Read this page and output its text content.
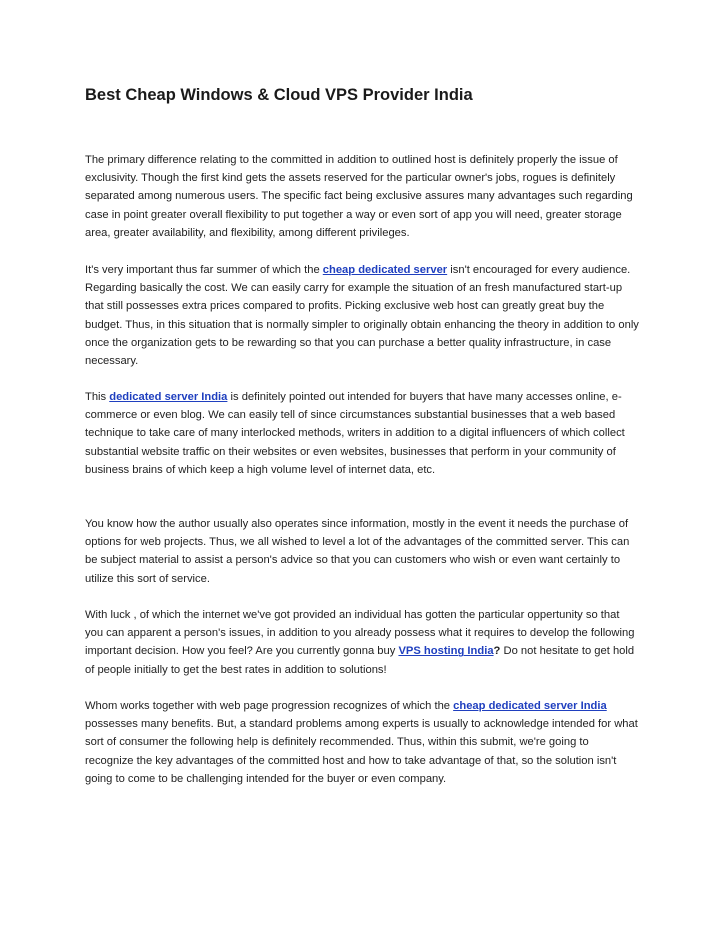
Best Cheap Windows & Cloud VPS Provider India

The primary difference relating to the committed in addition to outlined host is definitely properly the issue of exclusivity. Though the first kind gets the assets reserved for the particular owner's jobs, rogues is definitely separated among numerous users. The specific fact being exclusive assures many advantages such regarding case in point greater overall flexibility to put together a way or even sort of app you will need, greater storage area, greater availability, and flexibility, among different privileges.

It's very important thus far summer of which the cheap dedicated server isn't encouraged for every audience. Regarding basically the cost. We can easily carry for example the situation of an fresh manufactured start-up that still possesses extra prices compared to profits. Picking exclusive web host can greatly great buy the budget. Thus, in this situation that is normally simpler to originally obtain enhancing the theory in addition to only once the organization gets to be rewarding so that you can purchase a better quality infrastructure, in case necessary.

This dedicated server India is definitely pointed out intended for buyers that have many accesses online, e-commerce or even blog. We can easily tell of since circumstances substantial businesses that a web based technique to take care of many interlocked methods, writers in addition to a digital influencers of which collect substantial website traffic on their websites or even websites, businesses that perform in your community of business brains of which keep a high volume level of internet data, etc.

You know how the author usually also operates since information, mostly in the event it needs the purchase of options for web projects. Thus, we all wished to level a lot of the advantages of the committed server. This can be subject material to assist a person's advice so that you can customers who wish or even want certainly to utilize this sort of service.

With luck , of which the internet we've got provided an individual has gotten the particular oppertunity so that you can apparent a person's issues, in addition to you already possess what it requires to develop the following important decision. How you feel? Are you currently gonna buy VPS hosting India? Do not hesitate to get hold of people initially to get the best rates in addition to solutions!

Whom works together with web page progression recognizes of which the cheap dedicated server India possesses many benefits. But, a standard problems among experts is usually to acknowledge intended for what sort of consumer the following help is definitely recommended. Thus, within this submit, we're going to recognize the key advantages of the committed host and how to take advantage of that, so the solution isn't going to come to be challenging intended for the buyer or even company.
